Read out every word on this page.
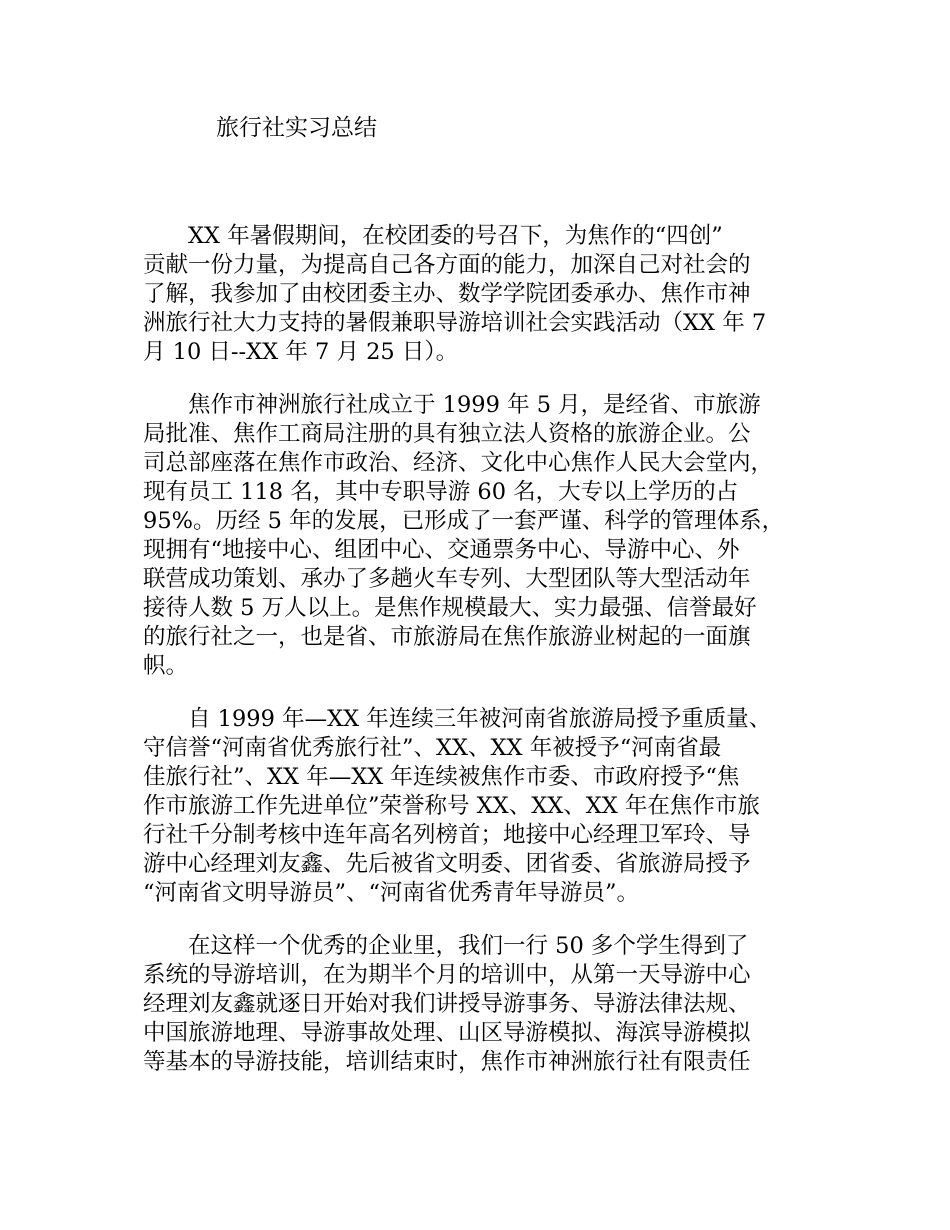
旅行社实习总结
XX 年暑假期间，在校团委的号召下，为焦作的“四创”
贡献一份力量，为提高自己各方面的能力，加深自己对社会的
了解，我参加了由校团委主办、数学学院团委承办、焦作市神
洲旅行社大力支持的暑假兼职导游培训社会实践活动（XX 年 7
月 10 日--XX 年 7 月 25 日）。
焦作市神洲旅行社成立于 1999 年 5 月，是经省、市旅游
局批准、焦作工商局注册的具有独立法人资格的旅游企业。公
司总部座落在焦作市政治、经济、文化中心焦作人民大会堂内，
现有员工 118 名，其中专职导游 60 名，大专以上学历的占
95%。历经 5 年的发展，已形成了一套严谨、科学的管理体系，
现拥有“地接中心、组团中心、交通票务中心、导游中心、外
联营成功策划、承办了多趟火车专列、大型团队等大型活动年
接待人数 5 万人以上。是焦作规模最大、实力最强、信誉最好
的旅行社之一，也是省、市旅游局在焦作旅游业树起的一面旗
帜。
自 1999 年—XX 年连续三年被河南省旅游局授予重质量、
守信誉“河南省优秀旅行社”、XX、XX 年被授予“河南省最
佳旅行社”、XX 年—XX 年连续被焦作市委、市政府授予“焦
作市旅游工作先进单位”荣誉称号 XX、XX、XX 年在焦作市旅
行社千分制考核中连年高名列榜首；地接中心经理卫军玲、导
游中心经理刘友鑫、先后被省文明委、团省委、省旅游局授予
“河南省文明导游员”、“河南省优秀青年导游员”。
在这样一个优秀的企业里，我们一行 50 多个学生得到了
系统的导游培训，在为期半个月的培训中，从第一天导游中心
经理刘友鑫就逐日开始对我们讲授导游事务、导游法律法规、
中国旅游地理、导游事故处理、山区导游模拟、海滨导游模拟
等基本的导游技能，培训结束时，焦作市神洲旅行社有限责任
